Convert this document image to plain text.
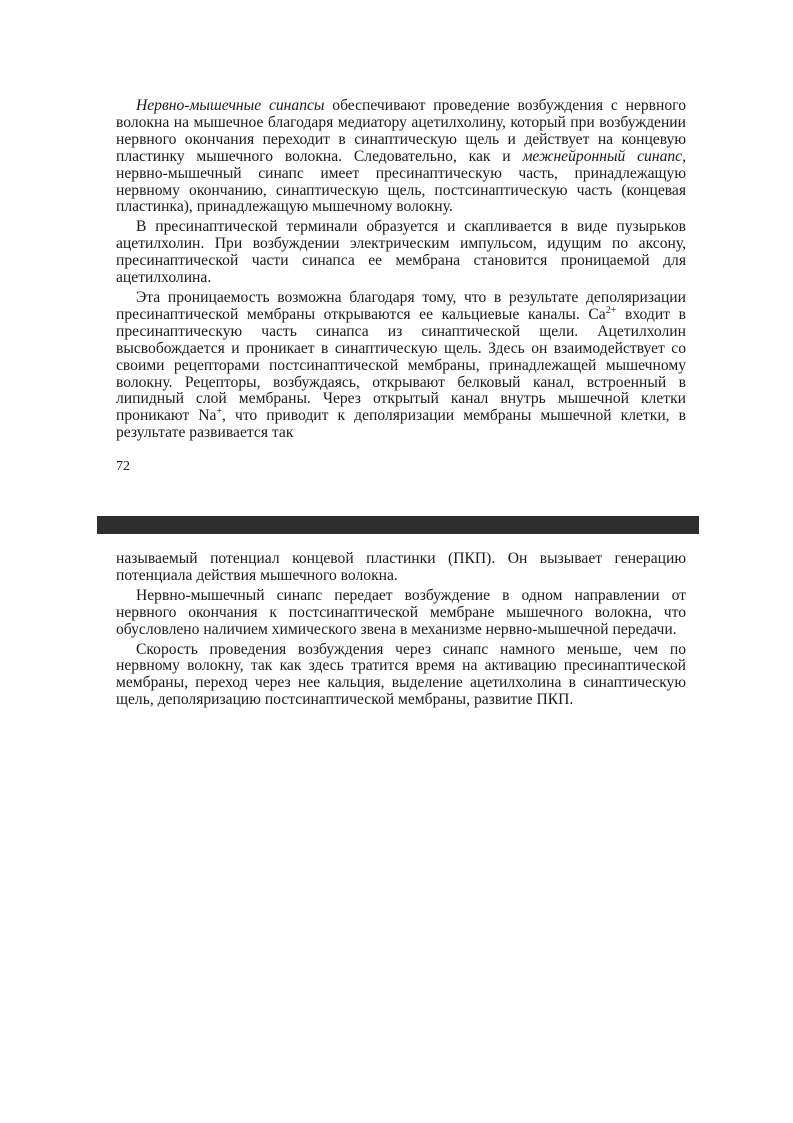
Нервно-мышечные синапсы обеспечивают проведение возбуждения с нервного волокна на мышечное благодаря медиатору ацетилхолину, который при возбуждении нервного окончания переходит в синаптическую щель и действует на концевую пластинку мышечного волокна. Следовательно, как и межнейронный синапс, нервно-мышечный синапс имеет пресинаптическую часть, принадлежащую нервному окончанию, синаптическую щель, постсинаптическую часть (концевая пластинка), принадлежащую мышечному волокну.

В пресинаптической терминали образуется и скапливается в виде пузырьков ацетилхолин. При возбуждении электрическим импульсом, идущим по аксону, пресинаптической части синапса ее мембрана становится проницаемой для ацетилхолина.

Эта проницаемость возможна благодаря тому, что в результате деполяризации пресинаптической мембраны открываются ее кальциевые каналы. $Ca^{2+}$ входит в пресинаптическую часть синапса из синаптической щели. Ацетилхолин высвобождается и проникает в синаптическую щель. Здесь он взаимодействует со своими рецепторами постсинаптической мембраны, принадлежащей мышечному волокну. Рецепторы, возбуждаясь, открывают белковый канал, встроенный в липидный слой мембраны. Через открытый канал внутрь мышечной клетки проникают Na+, что приводит к деполяризации мембраны мышечной клетки, в результате развивается так

72

называемый потенциал концевой пластинки (ПКП). Он вызывает генерацию потенциала действия мышечного волокна.

Нервно-мышечный синапс передает возбуждение в одном направлении от нервного окончания к постсинаптической мембране мышечного волокна, что обусловлено наличием химического звена в механизме нервно-мышечной передачи.

Скорость проведения возбуждения через синапс намного меньше, чем по нервному волокну, так как здесь тратится время на активацию пресинаптической мембраны, переход через нее кальция, выделение ацетилхолина в синаптическую щель, деполяризацию постсинаптической мембраны, развитие ПКП.
